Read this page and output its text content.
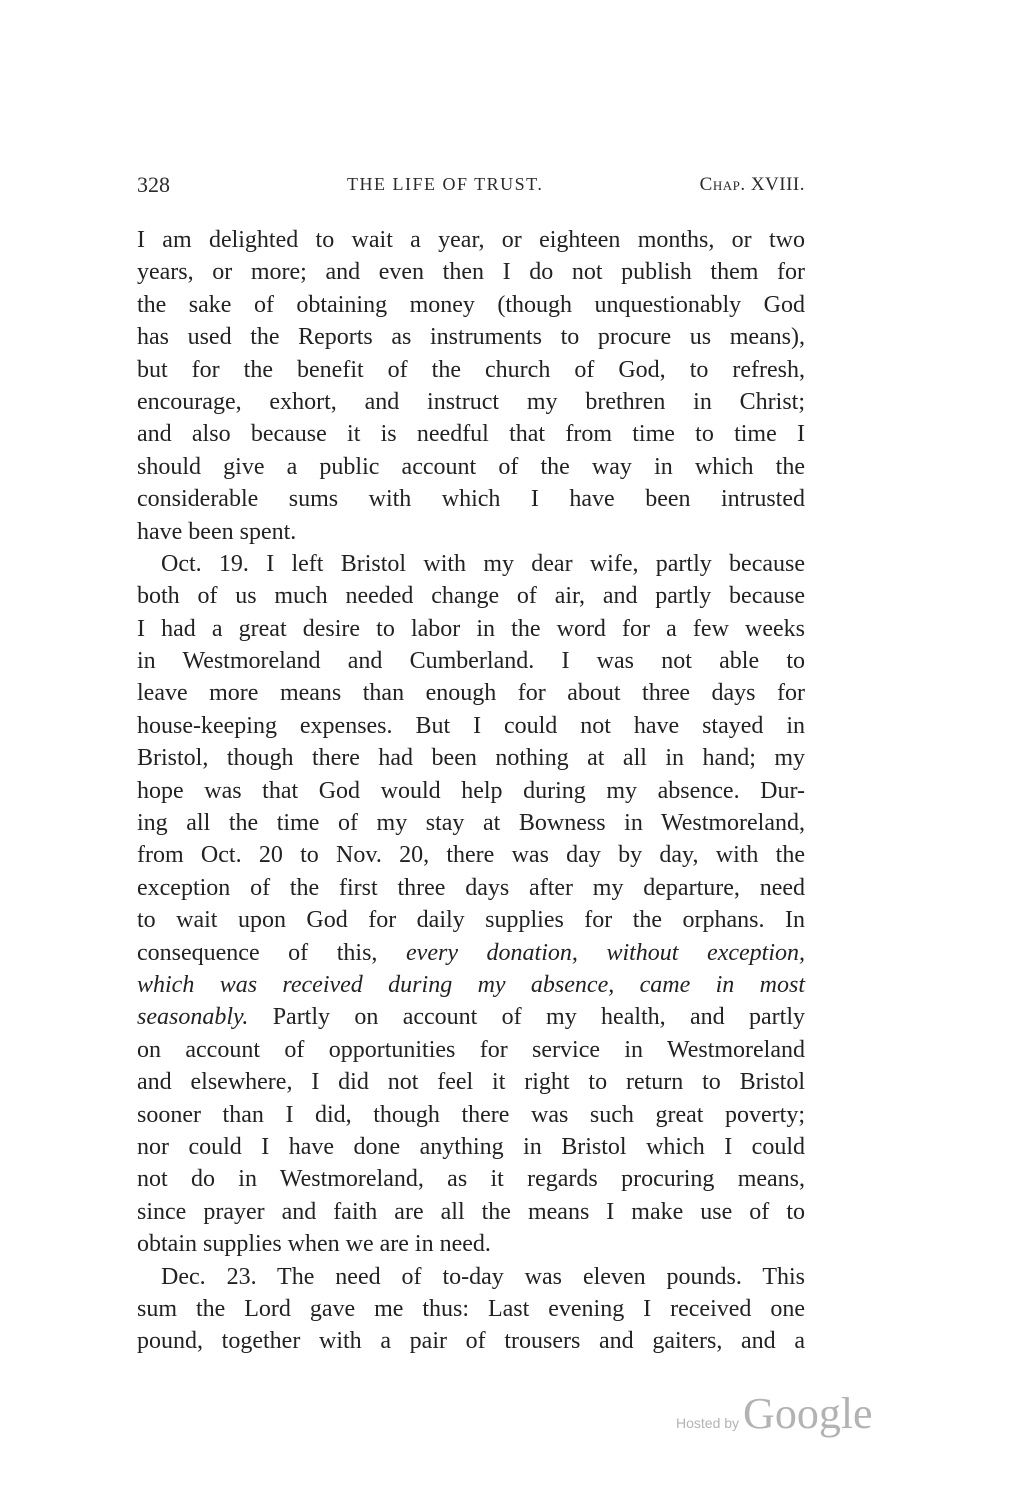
328	THE LIFE OF TRUST.	Chap. XVIII.
I am delighted to wait a year, or eighteen months, or two
years, or more; and even then I do not publish them for
the sake of obtaining money (though unquestionably God
has used the Reports as instruments to procure us means),
but for the benefit of the church of God, to refresh,
encourage, exhort, and instruct my brethren in Christ;
and also because it is needful that from time to time I
should give a public account of the way in which the
considerable sums with which I have been intrusted
have been spent.
Oct. 19. I left Bristol with my dear wife, partly because
both of us much needed change of air, and partly because
I had a great desire to labor in the word for a few weeks
in Westmoreland and Cumberland. I was not able to
leave more means than enough for about three days for
house-keeping expenses. But I could not have stayed in
Bristol, though there had been nothing at all in hand; my
hope was that God would help during my absence. Dur-
ing all the time of my stay at Bowness in Westmoreland,
from Oct. 20 to Nov. 20, there was day by day, with the
exception of the first three days after my departure, need
to wait upon God for daily supplies for the orphans. In
consequence of this, every donation, without exception,
which was received during my absence, came in most
seasonably. Partly on account of my health, and partly
on account of opportunities for service in Westmoreland
and elsewhere, I did not feel it right to return to Bristol
sooner than I did, though there was such great poverty;
nor could I have done anything in Bristol which I could
not do in Westmoreland, as it regards procuring means,
since prayer and faith are all the means I make use of to
obtain supplies when we are in need.
Dec. 23. The need of to-day was eleven pounds. This
sum the Lord gave me thus: Last evening I received one
pound, together with a pair of trousers and gaiters, and a
Hosted by Google
